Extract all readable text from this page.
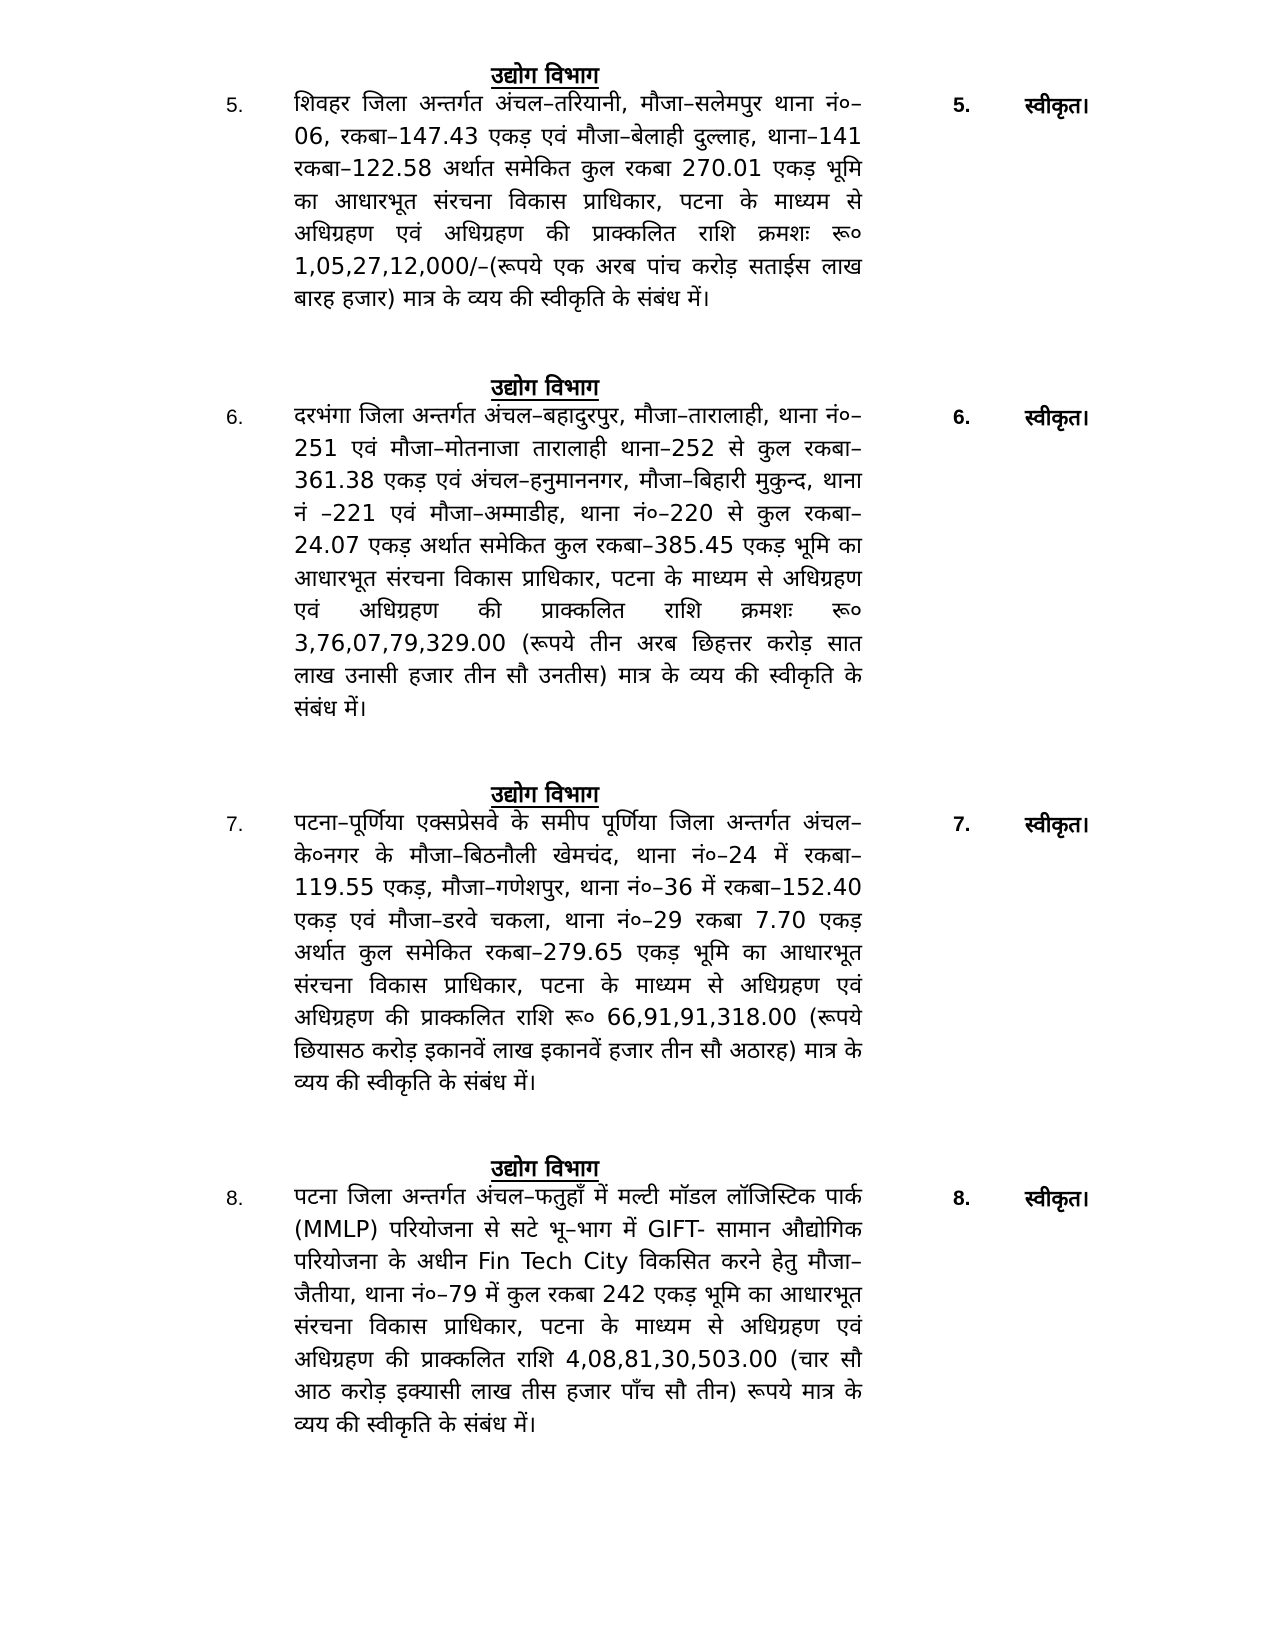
उद्योग विभाग
5. शिवहर जिला अन्तर्गत अंचल–तरियानी, मौजा–सलेमपुर थाना नं०–06, रकबा–147.43 एकड़ एवं मौजा–बेलाही दुल्लाह, थाना–141 रकबा–122.58 अर्थात समेकित कुल रकबा 270.01 एकड़ भूमि का आधारभूत संरचना विकास प्राधिकार, पटना के माध्यम से अधिग्रहण एवं अधिग्रहण की प्राक्कलित राशि क्रमशः रू० 1,05,27,12,000/–(रूपये एक अरब पांच करोड़ सताईस लाख बारह हजार) मात्र के व्यय की स्वीकृति के संबंध में।
5. स्वीकृत।
उद्योग विभाग
6. दरभंगा जिला अन्तर्गत अंचल–बहादुरपुर, मौजा–तारालाही, थाना नं०–251 एवं मौजा–मोतनाजा तारालाही थाना–252 से कुल रकबा–361.38 एकड़ एवं अंचल–हनुमाननगर, मौजा–बिहारी मुकुन्द, थाना नं –221 एवं मौजा–अम्माडीह, थाना नं०–220 से कुल रकबा–24.07 एकड़ अर्थात समेकित कुल रकबा–385.45 एकड़ भूमि का आधारभूत संरचना विकास प्राधिकार, पटना के माध्यम से अधिग्रहण एवं अधिग्रहण की प्राक्कलित राशि क्रमशः रू० 3,76,07,79,329.00 (रूपये तीन अरब छिहत्तर करोड़ सात लाख उनासी हजार तीन सौ उनतीस) मात्र के व्यय की स्वीकृति के संबंध में।
6. स्वीकृत।
उद्योग विभाग
7. पटना–पूर्णिया एक्सप्रेसवे के समीप पूर्णिया जिला अन्तर्गत अंचल–के०नगर के मौजा–बिठनौली खेमचंद, थाना नं०–24 में रकबा–119.55 एकड़, मौजा–गणेशपुर, थाना नं०–36 में रकबा–152.40 एकड़ एवं मौजा–डरवे चकला, थाना नं०–29 रकबा 7.70 एकड़ अर्थात कुल समेकित रकबा–279.65 एकड़ भूमि का आधारभूत संरचना विकास प्राधिकार, पटना के माध्यम से अधिग्रहण एवं अधिग्रहण की प्राक्कलित राशि रू० 66,91,91,318.00 (रूपये छियासठ करोड़ इकानवें लाख इकानवें हजार तीन सौ अठारह) मात्र के व्यय की स्वीकृति के संबंध में।
7. स्वीकृत।
उद्योग विभाग
8. पटना जिला अन्तर्गत अंचल–फतुहाँ में मल्टी मॉडल लॉजिस्टिक पार्क (MMLP) परियोजना से सटे भू–भाग में GIFT- सामान औद्योगिक परियोजना के अधीन Fin Tech City विकसित करने हेतु मौजा–जैतीया, थाना नं०–79 में कुल रकबा 242 एकड़ भूमि का आधारभूत संरचना विकास प्राधिकार, पटना के माध्यम से अधिग्रहण एवं अधिग्रहण की प्राक्कलित राशि 4,08,81,30,503.00 (चार सौ आठ करोड़ इक्यासी लाख तीस हजार पाँच सौ तीन) रूपये मात्र के व्यय की स्वीकृति के संबंध में।
8. स्वीकृत।
